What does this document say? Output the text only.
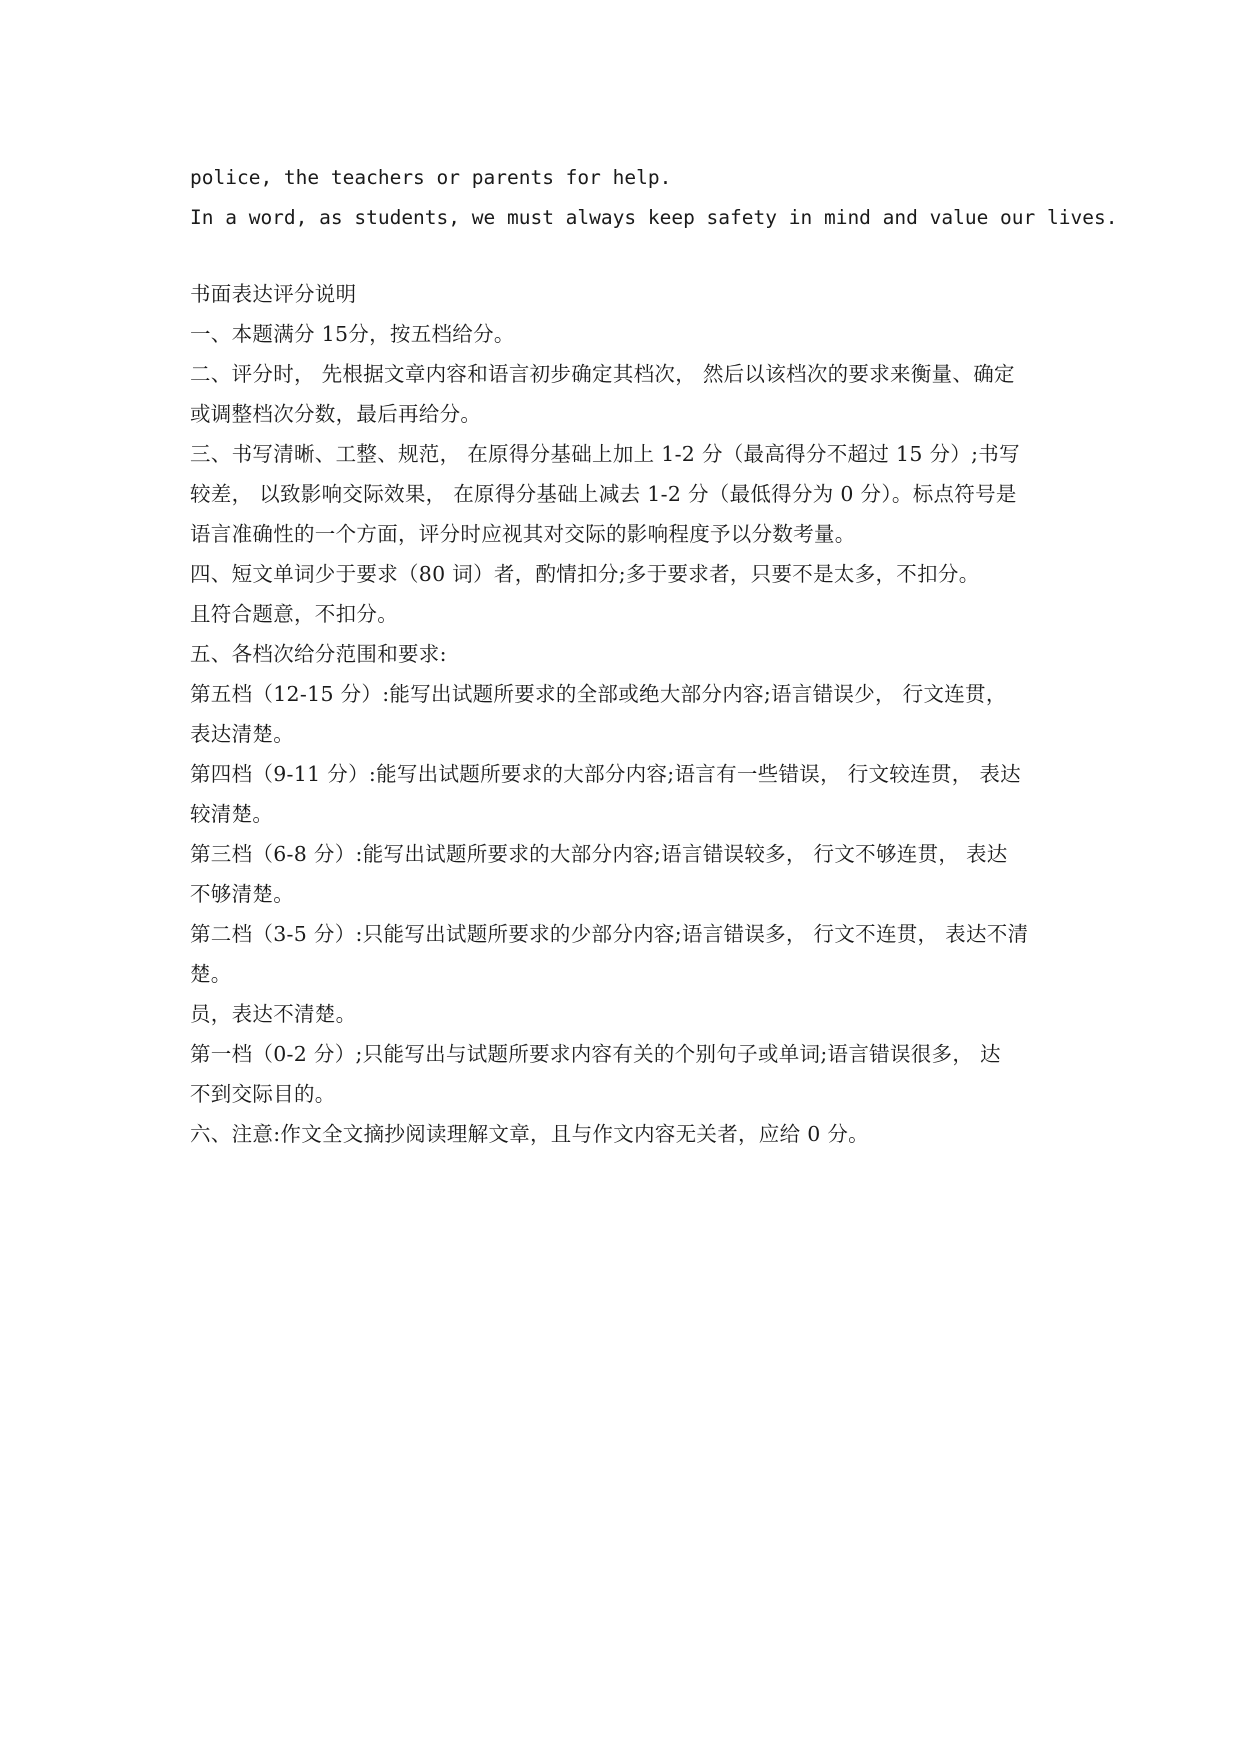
police, the teachers or parents for help.
In a word, as students, we must always keep safety in mind and value our lives.
书面表达评分说明
一、本题满分 15分，按五档给分。
二、评分时， 先根据文章内容和语言初步确定其档次， 然后以该档次的要求来衡量、确定
或调整档次分数，最后再给分。
三、书写清晰、工整、规范， 在原得分基础上加上 1-2 分（最高得分不超过 15 分）;书写
较差， 以致影响交际效果， 在原得分基础上减去 1-2 分（最低得分为 0 分）。标点符号是
语言准确性的一个方面，评分时应视其对交际的影响程度予以分数考量。
四、短文单词少于要求（80 词）者，酌情扣分;多于要求者，只要不是太多，不扣分。
且符合题意，不扣分。
五、各档次给分范围和要求:
第五档（12-15 分）:能写出试题所要求的全部或绝大部分内容;语言错误少， 行文连贯，
表达清楚。
第四档（9-11 分）:能写出试题所要求的大部分内容;语言有一些错误， 行文较连贯， 表达
较清楚。
第三档（6-8 分）:能写出试题所要求的大部分内容;语言错误较多， 行文不够连贯， 表达
不够清楚。
第二档（3-5 分）:只能写出试题所要求的少部分内容;语言错误多， 行文不连贯， 表达不清
楚。
员，表达不清楚。
第一档（0-2 分）;只能写出与试题所要求内容有关的个别句子或单词;语言错误很多， 达
不到交际目的。
六、注意:作文全文摘抄阅读理解文章，且与作文内容无关者，应给 0 分。
